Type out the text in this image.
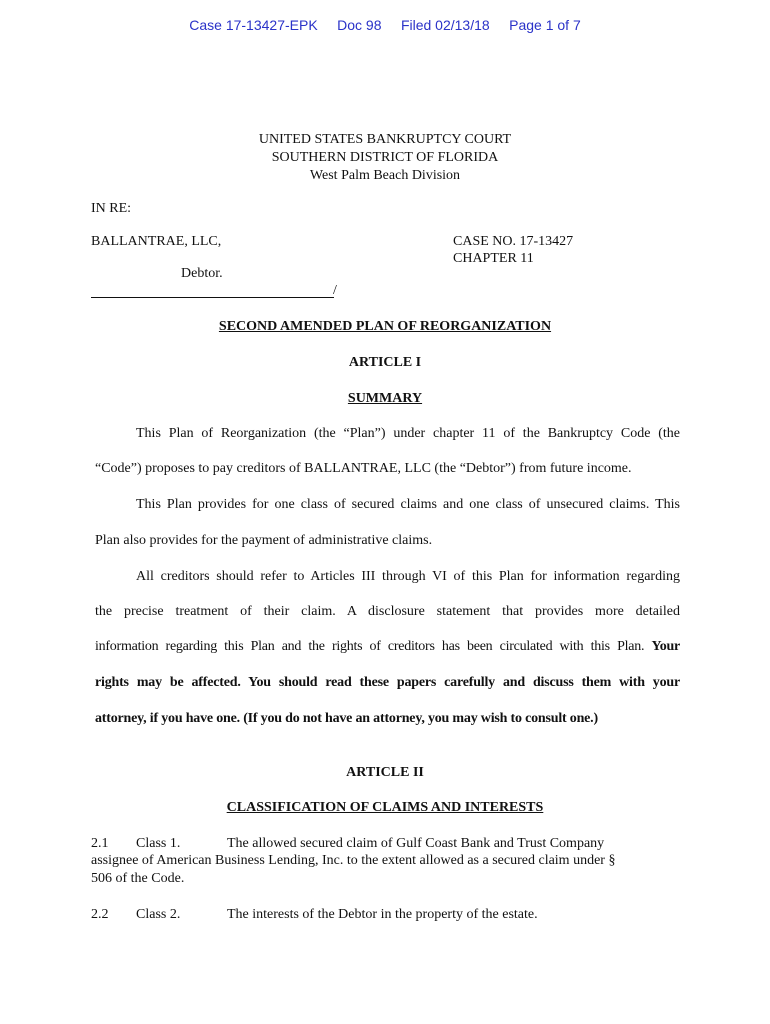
Case 17-13427-EPK Doc 98 Filed 02/13/18 Page 1 of 7
UNITED STATES BANKRUPTCY COURT
SOUTHERN DISTRICT OF FLORIDA
West Palm Beach Division
IN RE:
BALLANTRAE, LLC,
Debtor.
/
CASE NO. 17-13427
CHAPTER 11
SECOND AMENDED PLAN OF REORGANIZATION
ARTICLE I
SUMMARY
This Plan of Reorganization (the “Plan”) under chapter 11 of the Bankruptcy Code (the
“Code”) proposes to pay creditors of BALLANTRAE, LLC (the “Debtor”) from future income.
This Plan provides for one class of secured claims and one class of unsecured claims. This
Plan also provides for the payment of administrative claims.
All creditors should refer to Articles III through VI of this Plan for information regarding
the precise treatment of their claim. A disclosure statement that provides more detailed
information regarding this Plan and the rights of creditors has been circulated with this Plan. Your
rights may be affected. You should read these papers carefully and discuss them with your
attorney, if you have one. (If you do not have an attorney, you may wish to consult one.)
ARTICLE II
CLASSIFICATION OF CLAIMS AND INTERESTS
2.1 Class 1.	The allowed secured claim of Gulf Coast Bank and Trust Company
assignee of American Business Lending, Inc. to the extent allowed as a secured claim under §
506 of the Code.
2.2 Class 2.	The interests of the Debtor in the property of the estate.
